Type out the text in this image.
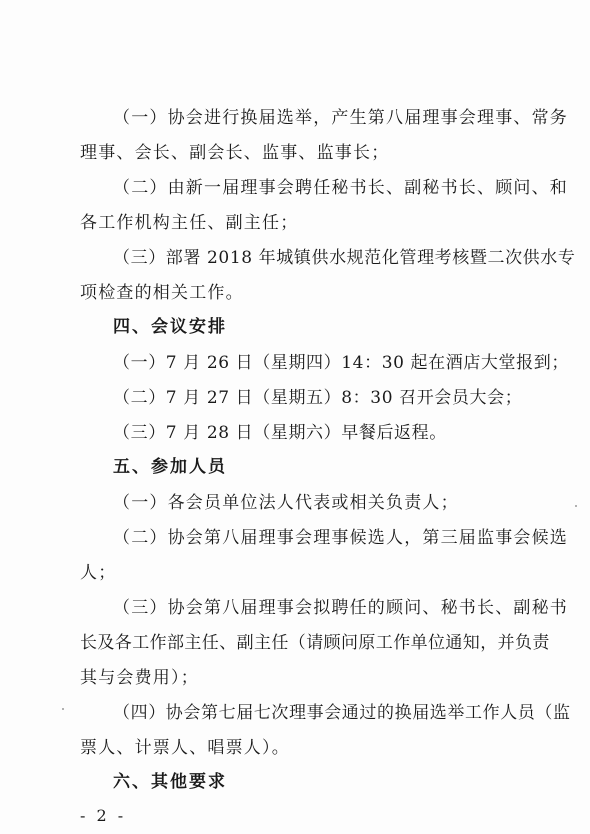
（一）协会进行换届选举，产生第八届理事会理事、常务
理事、会长、副会长、监事、监事长；
（二）由新一届理事会聘任秘书长、副秘书长、顾问、和
各工作机构主任、副主任；
（三）部署 2018 年城镇供水规范化管理考核暨二次供水专
项检查的相关工作。
四、会议安排
（一）7 月 26 日（星期四）14：30 起在酒店大堂报到；
（二）7 月 27 日（星期五）8：30 召开会员大会；
（三）7 月 28 日（星期六）早餐后返程。
五、参加人员
（一）各会员单位法人代表或相关负责人；
（二）协会第八届理事会理事候选人，第三届监事会候选
人；
（三）协会第八届理事会拟聘任的顾问、秘书长、副秘书
长及各工作部主任、副主任（请顾问原工作单位通知，并负责
其与会费用）；
（四）协会第七届七次理事会通过的换届选举工作人员（监
票人、计票人、唱票人）。
六、其他要求
- 2 -
